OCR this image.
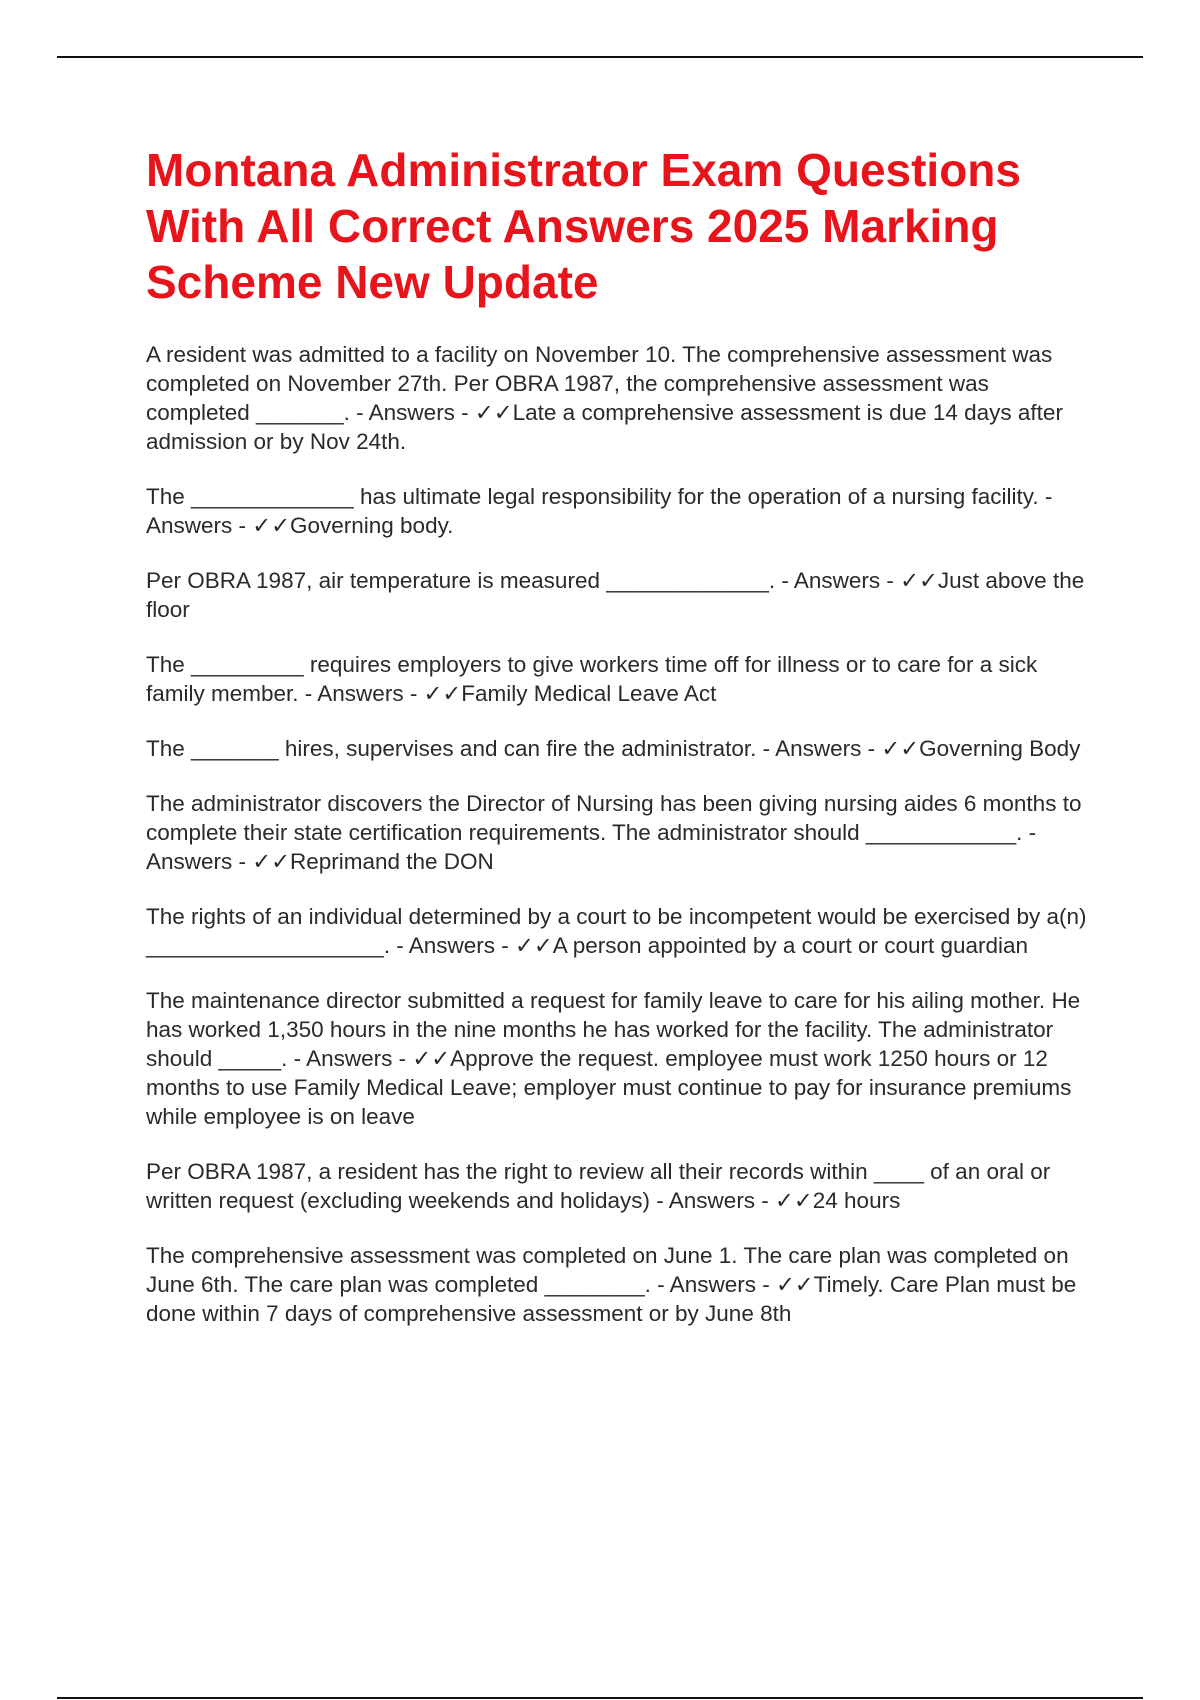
Montana Administrator Exam Questions With All Correct Answers 2025 Marking Scheme New Update

A resident was admitted to a facility on November 10. The comprehensive assessment was completed on November 27th. Per OBRA 1987, the comprehensive assessment was completed _______. - Answers - ✓✓Late a comprehensive assessment is due 14 days after admission or by Nov 24th.

The _____________ has ultimate legal responsibility for the operation of a nursing facility. - Answers - ✓✓Governing body.

Per OBRA 1987, air temperature is measured _____________. - Answers - ✓✓Just above the floor

The _________ requires employers to give workers time off for illness or to care for a sick family member. - Answers - ✓✓Family Medical Leave Act

The _______ hires, supervises and can fire the administrator. - Answers - ✓✓Governing Body

The administrator discovers the Director of Nursing has been giving nursing aides 6 months to complete their state certification requirements. The administrator should ____________. - Answers - ✓✓Reprimand the DON

The rights of an individual determined by a court to be incompetent would be exercised by a(n) ___________________. - Answers - ✓✓A person appointed by a court or court guardian

The maintenance director submitted a request for family leave to care for his ailing mother. He has worked 1,350 hours in the nine months he has worked for the facility. The administrator should _____. - Answers - ✓✓Approve the request. employee must work 1250 hours or 12 months to use Family Medical Leave; employer must continue to pay for insurance premiums while employee is on leave

Per OBRA 1987, a resident has the right to review all their records within ____ of an oral or written request (excluding weekends and holidays) - Answers - ✓✓24 hours

The comprehensive assessment was completed on June 1. The care plan was completed on June 6th. The care plan was completed ________. - Answers - ✓✓Timely. Care Plan must be done within 7 days of comprehensive assessment or by June 8th
